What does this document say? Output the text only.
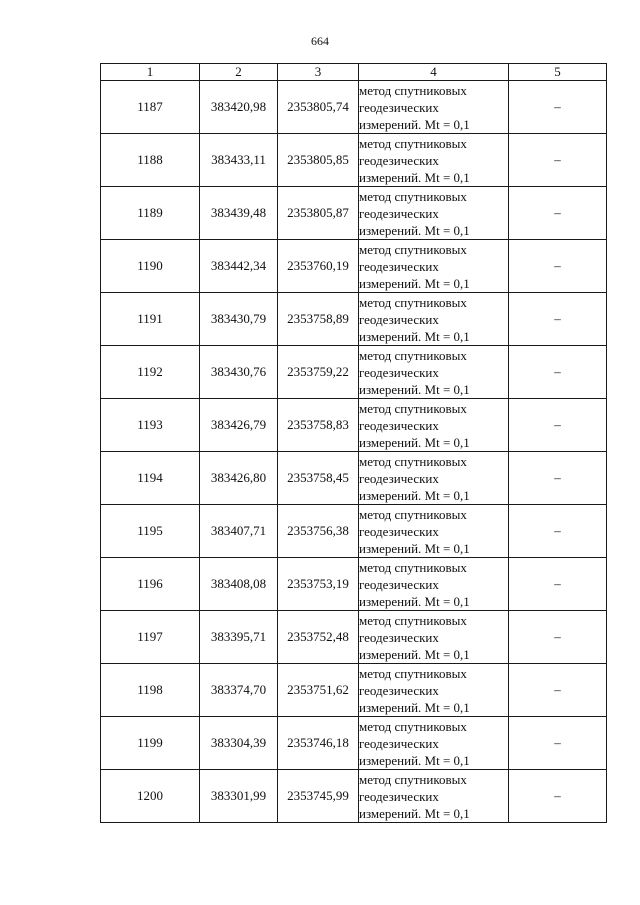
664
1	2	3	4	5
1187	383420,98	2353805,74	метод спутниковых
геодезических
измерений. Mt = 0,1	–
1188	383433,11	2353805,85	метод спутниковых
геодезических
измерений. Mt = 0,1	–
1189	383439,48	2353805,87	метод спутниковых
геодезических
измерений. Mt = 0,1	–
1190	383442,34	2353760,19	метод спутниковых
геодезических
измерений. Mt = 0,1	–
1191	383430,79	2353758,89	метод спутниковых
геодезических
измерений. Mt = 0,1	–
1192	383430,76	2353759,22	метод спутниковых
геодезических
измерений. Mt = 0,1	–
1193	383426,79	2353758,83	метод спутниковых
геодезических
измерений. Mt = 0,1	–
1194	383426,80	2353758,45	метод спутниковых
геодезических
измерений. Mt = 0,1	–
1195	383407,71	2353756,38	метод спутниковых
геодезических
измерений. Mt = 0,1	–
1196	383408,08	2353753,19	метод спутниковых
геодезических
измерений. Mt = 0,1	–
1197	383395,71	2353752,48	метод спутниковых
геодезических
измерений. Mt = 0,1	–
1198	383374,70	2353751,62	метод спутниковых
геодезических
измерений. Mt = 0,1	–
1199	383304,39	2353746,18	метод спутниковых
геодезических
измерений. Mt = 0,1	–
1200	383301,99	2353745,99	метод спутниковых
геодезических
измерений. Mt = 0,1	–
